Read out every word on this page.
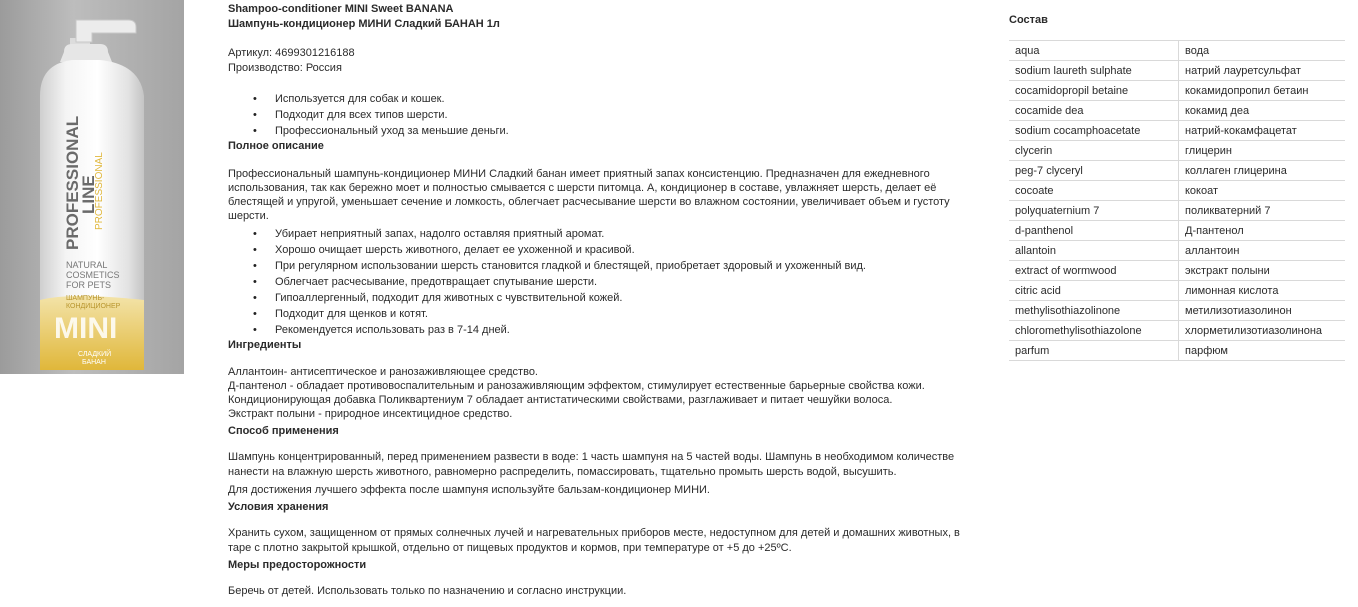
PROFESSIONAL
LINE
PROFESSIONAL
NATURAL
COSMETICS
FOR PETS
ШАМПУНЬ-
КОНДИЦИОНЕР
MINI
СЛАДКИЙ
БАНАН
Shampoo-conditioner MINI Sweet BANANA
Шампунь-кондиционер МИНИ Сладкий БАНАН 1л
Артикул: 4699301216188
Производство: Россия
• Используется для собак и кошек.
• Подходит для всех типов шерсти.
• Профессиональный уход за меньшие деньги.
Полное описание

Профессиональный шампунь-кондиционер МИНИ Сладкий банан имеет приятный запах консистенцию. Предназначен для ежедневного использования, так как бережно моет и полностью смывается с шерсти питомца. А, кондиционер в составе, увлажняет шерсть, делает её блестящей и упругой, уменьшает сечение и ломкость, облегчает расчесывание шерсти во влажном состоянии, увеличивает объем и густоту шерсти.

• Убирает неприятный запах, надолго оставляя приятный аромат.
• Хорошо очищает шерсть животного, делает ее ухоженной и красивой.
• При регулярном использовании шерсть становится гладкой и блестящей, приобретает здоровый и ухоженный вид.
• Облегчает расчесывание, предотвращает спутывание шерсти.
• Гипоаллергенный, подходит для животных с чувствительной кожей.
• Подходит для щенков и котят.
• Рекомендуется использовать раз в 7-14 дней.
Ингредиенты
Аллантоин- антисептическое и ранозаживляющее средство.
Д-пантенол - обладает противовоспалительным и ранозаживляющим эффектом, стимулирует естественные барьерные свойства кожи.
Кондиционирующая добавка Поликвартениум 7 обладает антистатическими свойствами, разглаживает и питает чешуйки волоса.
Экстракт полыни - природное инсектицидное средство.
Способ применения

Шампунь концентрированный, перед применением развести в воде: 1 часть шампуня на 5 частей воды. Шампунь в необходимом количестве нанести на влажную шерсть животного, равномерно распределить, помассировать, тщательно промыть шерсть водой, высушить.

Для достижения лучшего эффекта после шампуня используйте бальзам-кондиционер МИНИ.

Условия хранения

Хранить сухом, защищенном от прямых солнечных лучей и нагревательных приборов месте, недоступном для детей и домашних животных, в таре с плотно закрытой крышкой, отдельно от пищевых продуктов и кормов, при температуре от +5 до +25ºС.

Меры предосторожности

Беречь от детей. Использовать только по назначению и согласно инструкции.

Состав
aqua	вода
sodium laureth sulphate	натрий лауретсульфат
cocamidopropil betaine	кокамидопропил бетаин
cocamide dea	кокамид деа
sodium cocamphoacetate	натрий-кокамфацетат
clycerin	глицерин
peg-7 clyceryl	коллаген глицерина
cocoate	кокоат
polyquaternium 7	поликватерний 7
d-panthenol	Д-пантенол
allantoin	аллантоин
extract of wormwood	экстракт полыни
citric acid	лимонная кислота
methylisothiazolinone	метилизотиазолинон
chloromethylisothiazolone	хлорметилизотиазолинона
parfum	парфюм
